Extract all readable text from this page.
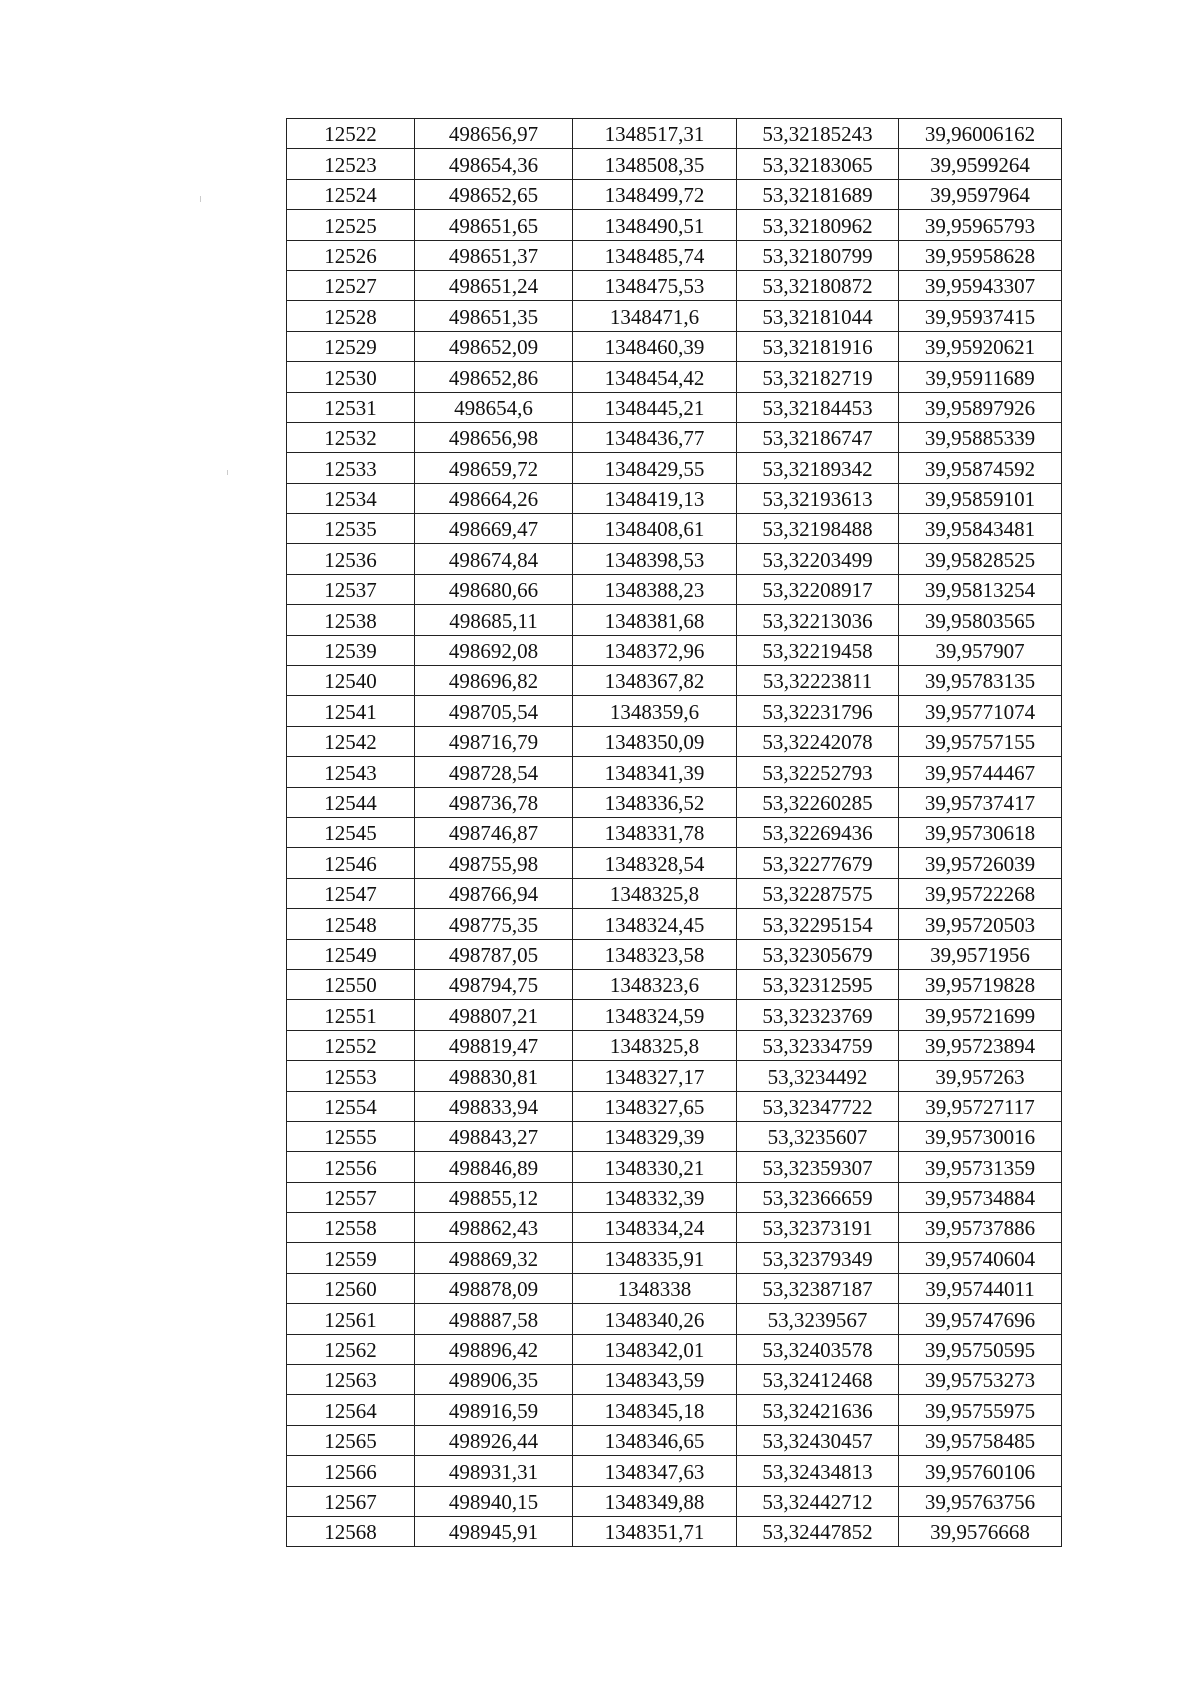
12522	498656,97	1348517,31	53,32185243	39,96006162
12523	498654,36	1348508,35	53,32183065	39,9599264
12524	498652,65	1348499,72	53,32181689	39,9597964
12525	498651,65	1348490,51	53,32180962	39,95965793
12526	498651,37	1348485,74	53,32180799	39,95958628
12527	498651,24	1348475,53	53,32180872	39,95943307
12528	498651,35	1348471,6	53,32181044	39,95937415
12529	498652,09	1348460,39	53,32181916	39,95920621
12530	498652,86	1348454,42	53,32182719	39,95911689
12531	498654,6	1348445,21	53,32184453	39,95897926
12532	498656,98	1348436,77	53,32186747	39,95885339
12533	498659,72	1348429,55	53,32189342	39,95874592
12534	498664,26	1348419,13	53,32193613	39,95859101
12535	498669,47	1348408,61	53,32198488	39,95843481
12536	498674,84	1348398,53	53,32203499	39,95828525
12537	498680,66	1348388,23	53,32208917	39,95813254
12538	498685,11	1348381,68	53,32213036	39,95803565
12539	498692,08	1348372,96	53,32219458	39,957907
12540	498696,82	1348367,82	53,32223811	39,95783135
12541	498705,54	1348359,6	53,32231796	39,95771074
12542	498716,79	1348350,09	53,32242078	39,95757155
12543	498728,54	1348341,39	53,32252793	39,95744467
12544	498736,78	1348336,52	53,32260285	39,95737417
12545	498746,87	1348331,78	53,32269436	39,95730618
12546	498755,98	1348328,54	53,32277679	39,95726039
12547	498766,94	1348325,8	53,32287575	39,95722268
12548	498775,35	1348324,45	53,32295154	39,95720503
12549	498787,05	1348323,58	53,32305679	39,9571956
12550	498794,75	1348323,6	53,32312595	39,95719828
12551	498807,21	1348324,59	53,32323769	39,95721699
12552	498819,47	1348325,8	53,32334759	39,95723894
12553	498830,81	1348327,17	53,3234492	39,957263
12554	498833,94	1348327,65	53,32347722	39,95727117
12555	498843,27	1348329,39	53,3235607	39,95730016
12556	498846,89	1348330,21	53,32359307	39,95731359
12557	498855,12	1348332,39	53,32366659	39,95734884
12558	498862,43	1348334,24	53,32373191	39,95737886
12559	498869,32	1348335,91	53,32379349	39,95740604
12560	498878,09	1348338	53,32387187	39,95744011
12561	498887,58	1348340,26	53,3239567	39,95747696
12562	498896,42	1348342,01	53,32403578	39,95750595
12563	498906,35	1348343,59	53,32412468	39,95753273
12564	498916,59	1348345,18	53,32421636	39,95755975
12565	498926,44	1348346,65	53,32430457	39,95758485
12566	498931,31	1348347,63	53,32434813	39,95760106
12567	498940,15	1348349,88	53,32442712	39,95763756
12568	498945,91	1348351,71	53,32447852	39,9576668
